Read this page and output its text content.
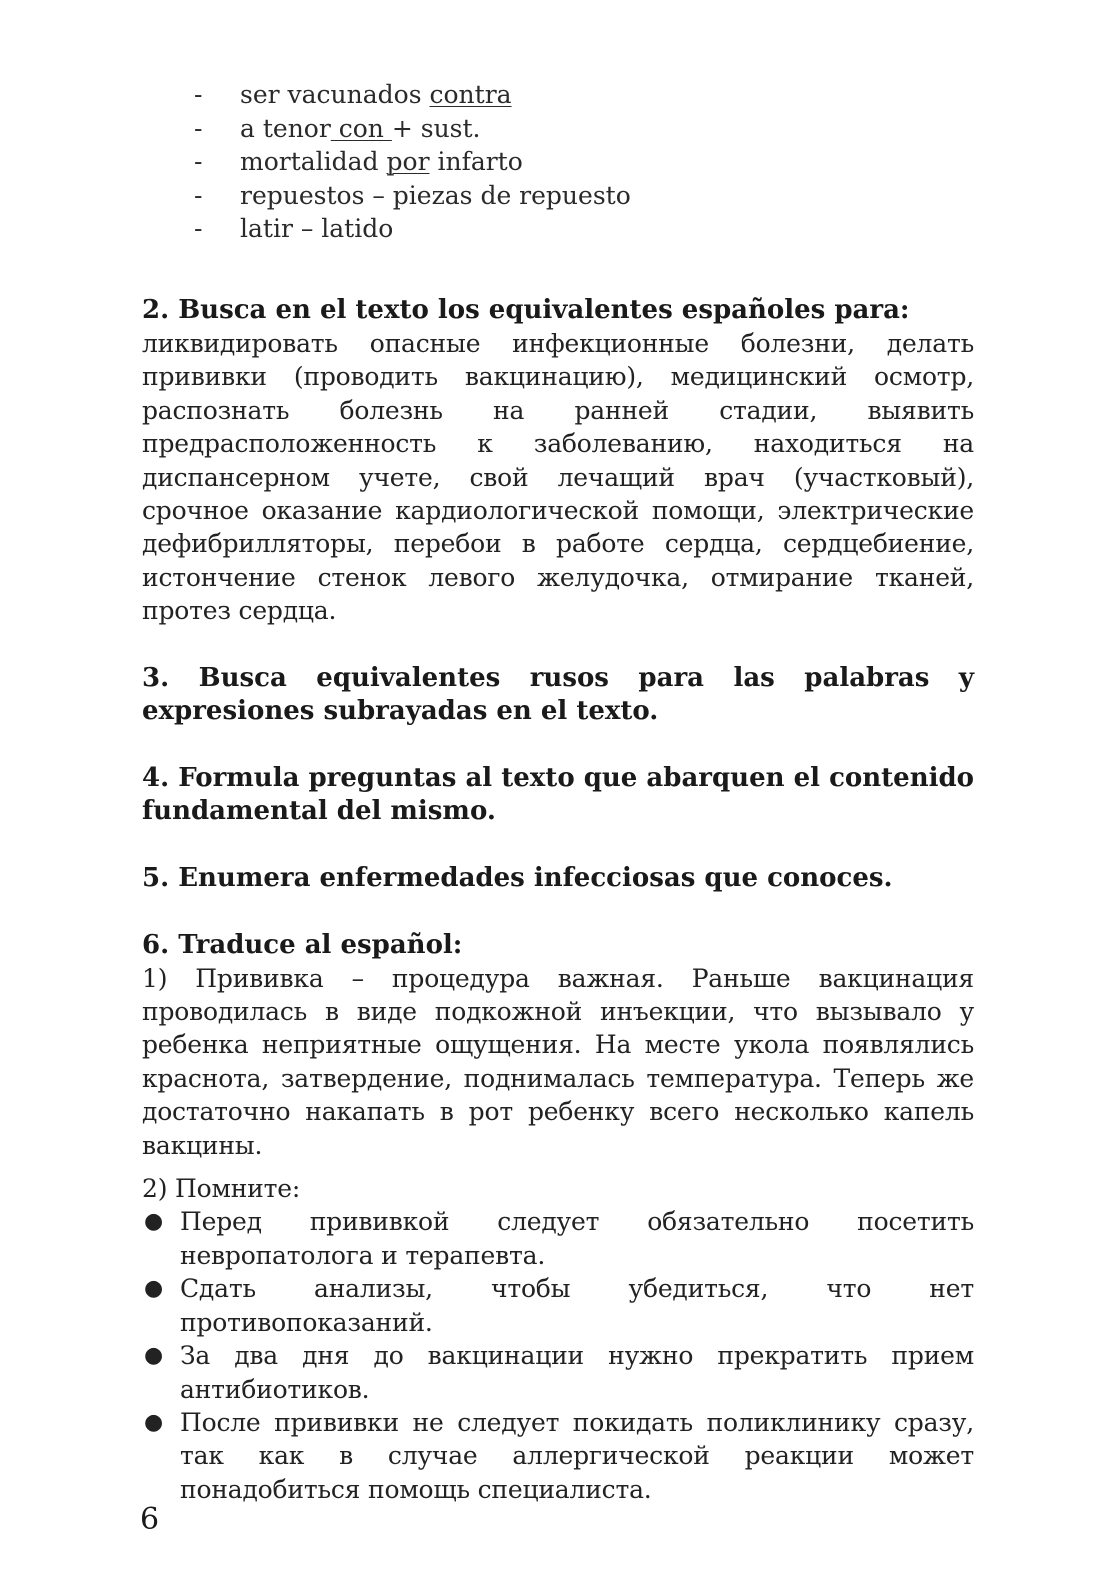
- ser vacunados contra
- a tenor con + sust.
- mortalidad por infarto
- repuestos – piezas de repuesto
- latir – latido

2. Busca en el texto los equivalentes españoles para:

ликвидировать опасные инфекционные болезни, делать прививки (проводить вакцинацию), медицинский осмотр, распознать болезнь на ранней стадии, выявить предрасположенность к заболеванию, находиться на диспансерном учете, свой лечащий врач (участковый), срочное оказание кардиологической помощи, электрические дефибрилляторы, перебои в работе сердца, сердцебиение, истончение стенок левого желудочка, отмирание тканей, протез сердца.

3. Busca equivalentes rusos para las palabras y expresiones subrayadas en el texto.

4. Formula preguntas al texto que abarquen el contenido fundamental del mismo.

5. Enumera enfermedades infecciosas que conoces.

6. Traduce al español:

1) Прививка – процедура важная. Раньше вакцинация проводилась в виде подкожной инъекции, что вызывало у ребенка неприятные ощущения. На месте укола появлялись краснота, затвердение, поднималась температура. Теперь же достаточно накапать в рот ребенку всего несколько капель вакцины.

2) Помните:

● Перед прививкой следует обязательно посетить невропатолога и терапевта.
● Сдать анализы, чтобы убедиться, что нет противопоказаний.
● За два дня до вакцинации нужно прекратить прием антибиотиков.
● После прививки не следует покидать поликлинику сразу, так как в случае аллергической реакции может понадобиться помощь специалиста.
6
